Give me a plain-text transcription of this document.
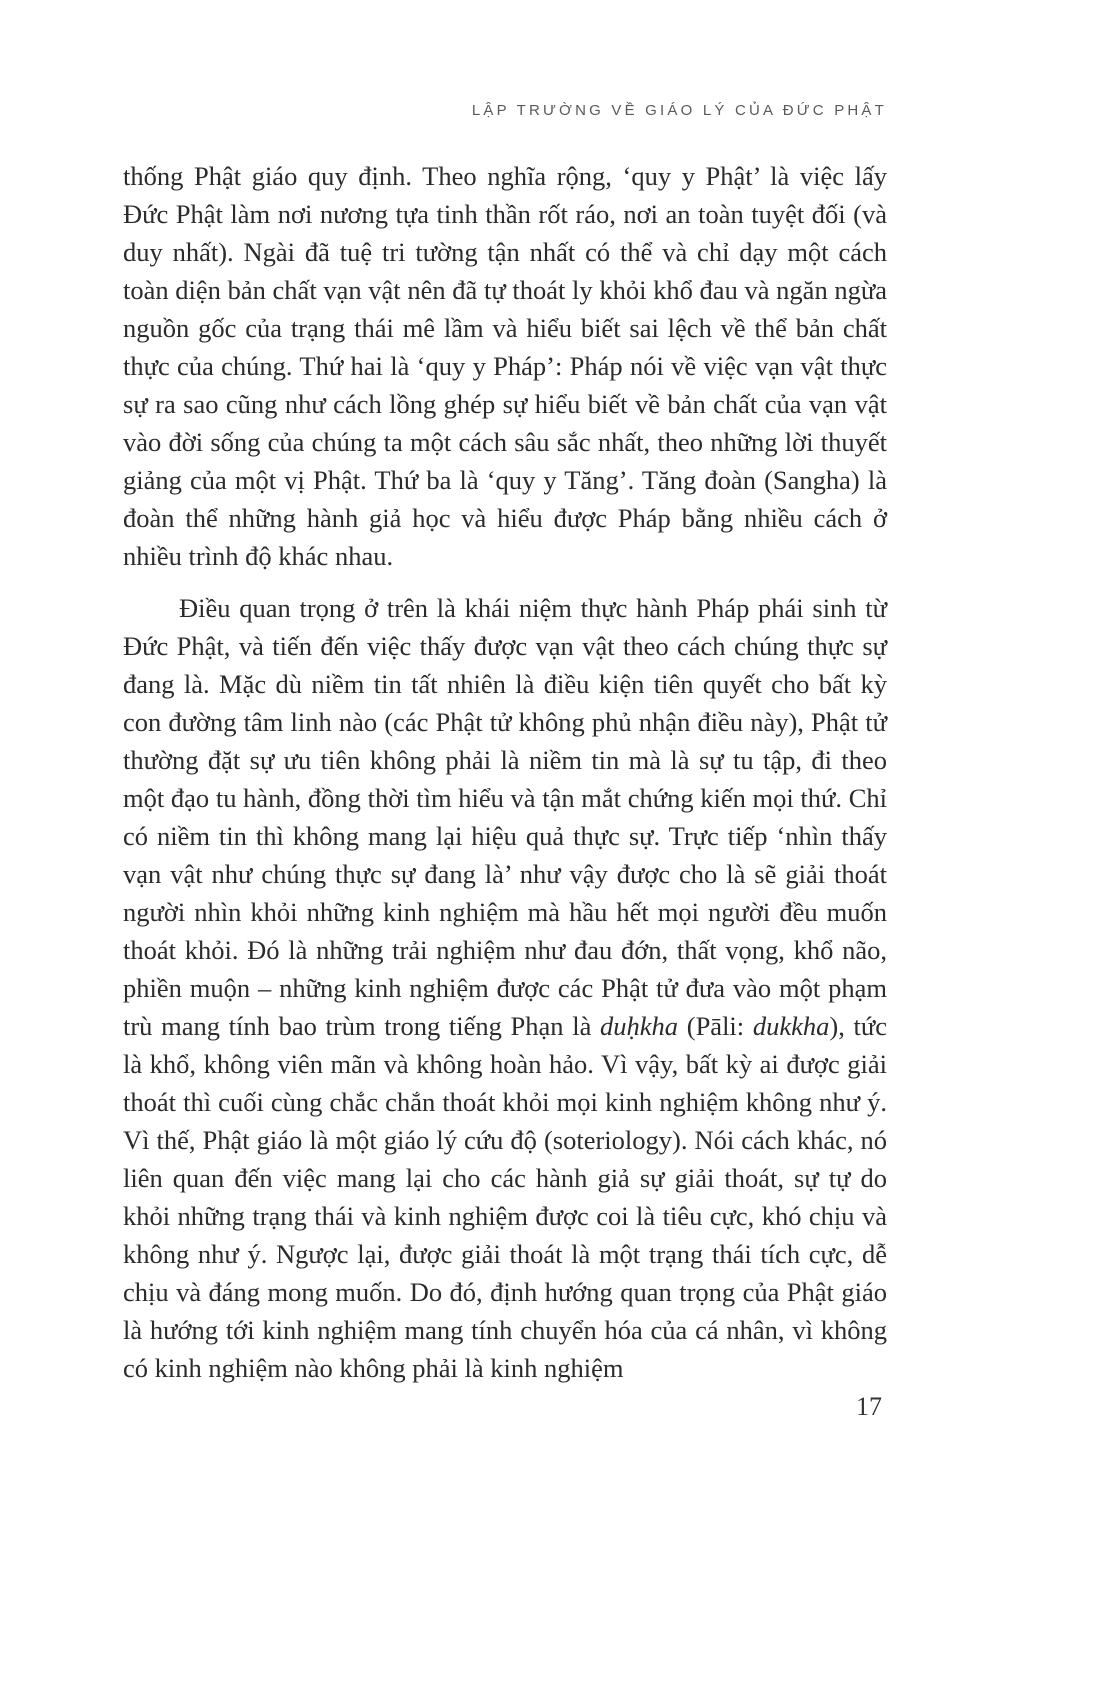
LẬP TRƯỜNG VỀ GIÁO LÝ CỦA ĐỨC PHẬT

thống Phật giáo quy định. Theo nghĩa rộng, ‘quy y Phật’ là việc lấy Đức Phật làm nơi nương tựa tinh thần rốt ráo, nơi an toàn tuyệt đối (và duy nhất). Ngài đã tuệ tri tường tận nhất có thể và chỉ dạy một cách toàn diện bản chất vạn vật nên đã tự thoát ly khỏi khổ đau và ngăn ngừa nguồn gốc của trạng thái mê lầm và hiểu biết sai lệch về thể bản chất thực của chúng. Thứ hai là ‘quy y Pháp’: Pháp nói về việc vạn vật thực sự ra sao cũng như cách lồng ghép sự hiểu biết về bản chất của vạn vật vào đời sống của chúng ta một cách sâu sắc nhất, theo những lời thuyết giảng của một vị Phật. Thứ ba là ‘quy y Tăng’. Tăng đoàn (Sangha) là đoàn thể những hành giả học và hiểu được Pháp bằng nhiều cách ở nhiều trình độ khác nhau.

Điều quan trọng ở trên là khái niệm thực hành Pháp phái sinh từ Đức Phật, và tiến đến việc thấy được vạn vật theo cách chúng thực sự đang là. Mặc dù niềm tin tất nhiên là điều kiện tiên quyết cho bất kỳ con đường tâm linh nào (các Phật tử không phủ nhận điều này), Phật tử thường đặt sự ưu tiên không phải là niềm tin mà là sự tu tập, đi theo một đạo tu hành, đồng thời tìm hiểu và tận mắt chứng kiến mọi thứ. Chỉ có niềm tin thì không mang lại hiệu quả thực sự. Trực tiếp ‘nhìn thấy vạn vật như chúng thực sự đang là’ như vậy được cho là sẽ giải thoát người nhìn khỏi những kinh nghiệm mà hầu hết mọi người đều muốn thoát khỏi. Đó là những trải nghiệm như đau đớn, thất vọng, khổ não, phiền muộn – những kinh nghiệm được các Phật tử đưa vào một phạm trù mang tính bao trùm trong tiếng Phạn là duḥkha (Pāli: dukkha), tức là khổ, không viên mãn và không hoàn hảo. Vì vậy, bất kỳ ai được giải thoát thì cuối cùng chắc chắn thoát khỏi mọi kinh nghiệm không như ý. Vì thế, Phật giáo là một giáo lý cứu độ (soteriology). Nói cách khác, nó liên quan đến việc mang lại cho các hành giả sự giải thoát, sự tự do khỏi những trạng thái và kinh nghiệm được coi là tiêu cực, khó chịu và không như ý. Ngược lại, được giải thoát là một trạng thái tích cực, dễ chịu và đáng mong muốn. Do đó, định hướng quan trọng của Phật giáo là hướng tới kinh nghiệm mang tính chuyển hóa của cá nhân, vì không có kinh nghiệm nào không phải là kinh nghiệm

17
